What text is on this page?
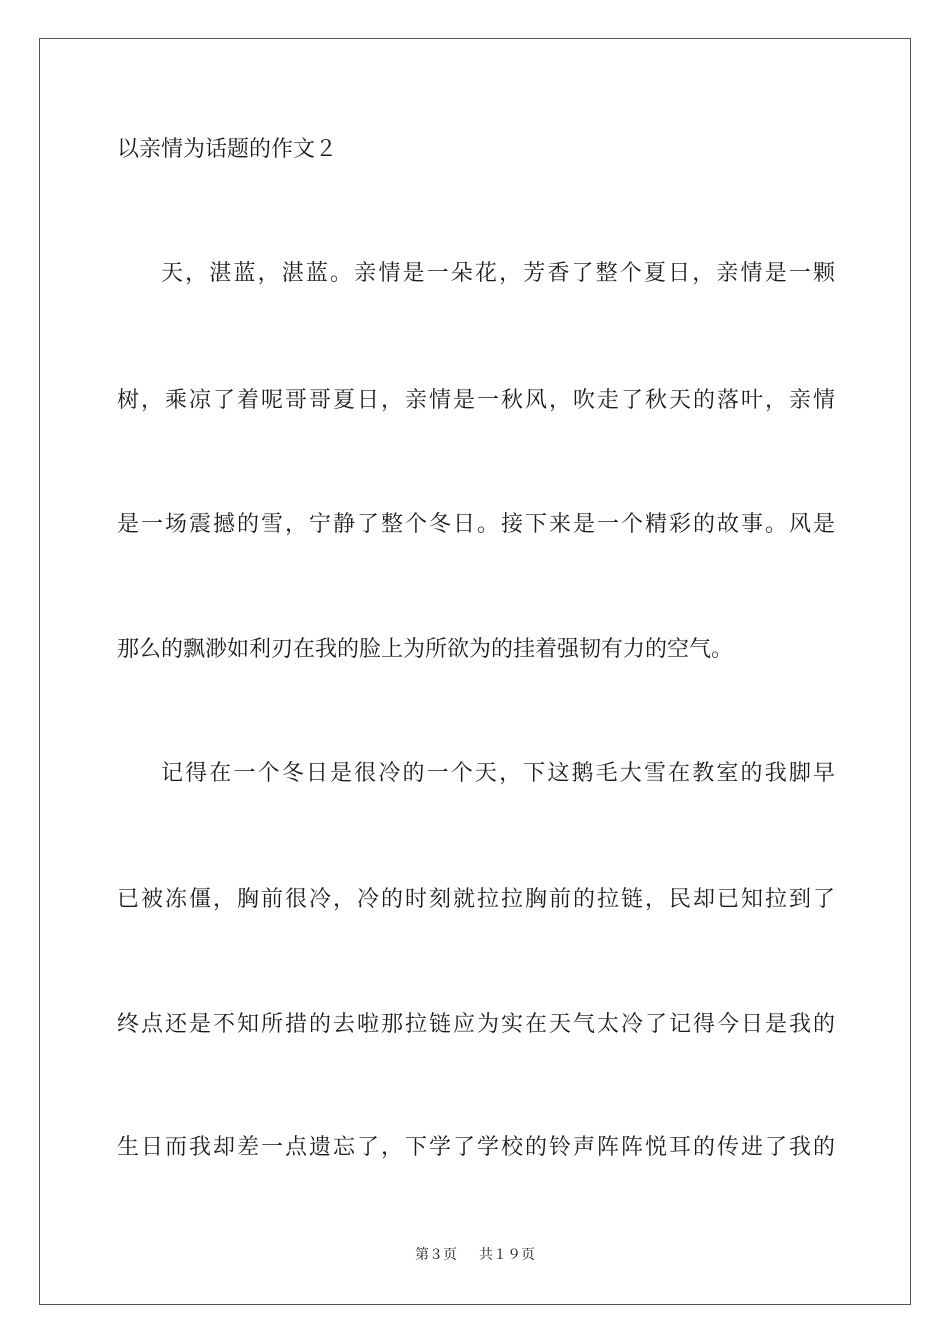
以亲情为话题的作文２

天，湛蓝，湛蓝。亲情是一朵花，芳香了整个夏日，亲情是一颗

树，乘凉了着呢哥哥夏日，亲情是一秋风，吹走了秋天的落叶，亲情

是一场震撼的雪，宁静了整个冬日。接下来是一个精彩的故事。风是

那么的飘渺如利刃在我的脸上为所欲为的挂着强韧有力的空气。

记得在一个冬日是很冷的一个天，下这鹅毛大雪在教室的我脚早

已被冻僵，胸前很冷，冷的时刻就拉拉胸前的拉链，民却已知拉到了

终点还是不知所措的去啦那拉链应为实在天气太冷了记得今日是我的

生日而我却差一点遗忘了，下学了学校的铃声阵阵悦耳的传进了我的

第３页 共１９页
